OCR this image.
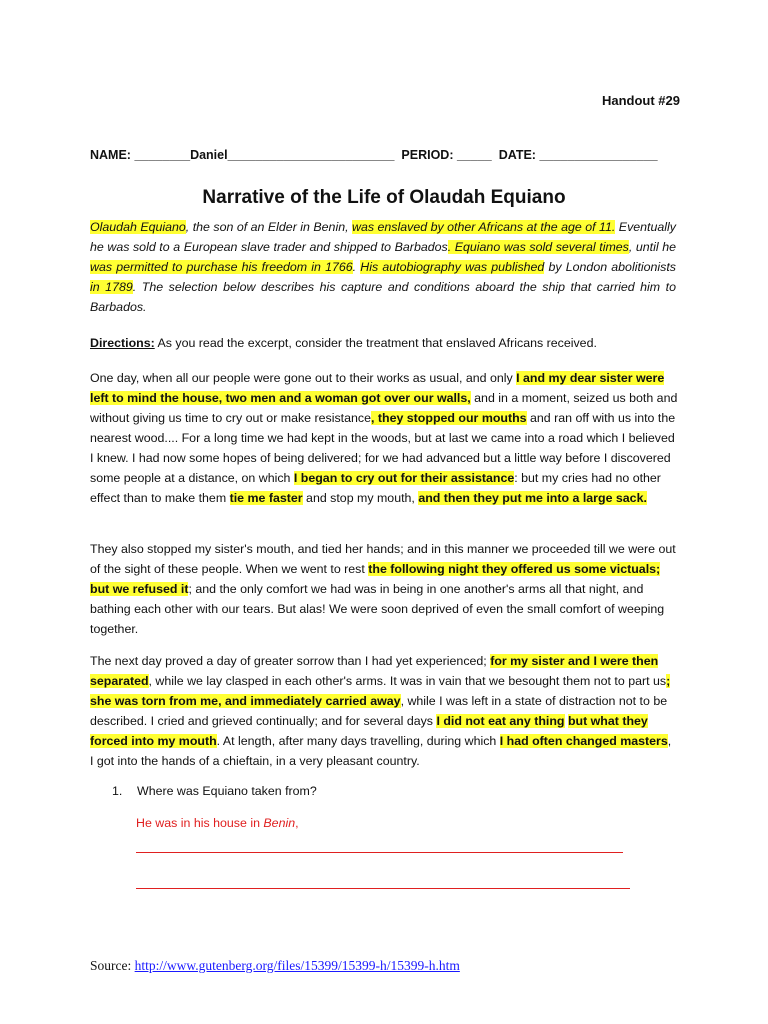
Handout #29
NAME: ________Daniel________________________ PERIOD: _____ DATE: _________________
Narrative of the Life of Olaudah Equiano
Olaudah Equiano, the son of an Elder in Benin, was enslaved by other Africans at the age of 11. Eventually he was sold to a European slave trader and shipped to Barbados. Equiano was sold several times, until he was permitted to purchase his freedom in 1766. His autobiography was published by London abolitionists in 1789. The selection below describes his capture and conditions aboard the ship that carried him to Barbados.
Directions: As you read the excerpt, consider the treatment that enslaved Africans received.
One day, when all our people were gone out to their works as usual, and only I and my dear sister were left to mind the house, two men and a woman got over our walls, and in a moment, seized us both and without giving us time to cry out or make resistance, they stopped our mouths and ran off with us into the nearest wood.... For a long time we had kept in the woods, but at last we came into a road which I believed I knew. I had now some hopes of being delivered; for we had advanced but a little way before I discovered some people at a distance, on which I began to cry out for their assistance: but my cries had no other effect than to make them tie me faster and stop my mouth, and then they put me into a large sack.
They also stopped my sister's mouth, and tied her hands; and in this manner we proceeded till we were out of the sight of these people. When we went to rest the following night they offered us some victuals; but we refused it; and the only comfort we had was in being in one another's arms all that night, and bathing each other with our tears. But alas! We were soon deprived of even the small comfort of weeping together.
The next day proved a day of greater sorrow than I had yet experienced; for my sister and I were then separated, while we lay clasped in each other's arms. It was in vain that we besought them not to part us; she was torn from me, and immediately carried away, while I was left in a state of distraction not to be described. I cried and grieved continually; and for several days I did not eat any thing but what they forced into my mouth. At length, after many days travelling, during which I had often changed masters, I got into the hands of a chieftain, in a very pleasant country.
1. Where was Equiano taken from?
He was in his house in Benin,
Source: http://www.gutenberg.org/files/15399/15399-h/15399-h.htm
